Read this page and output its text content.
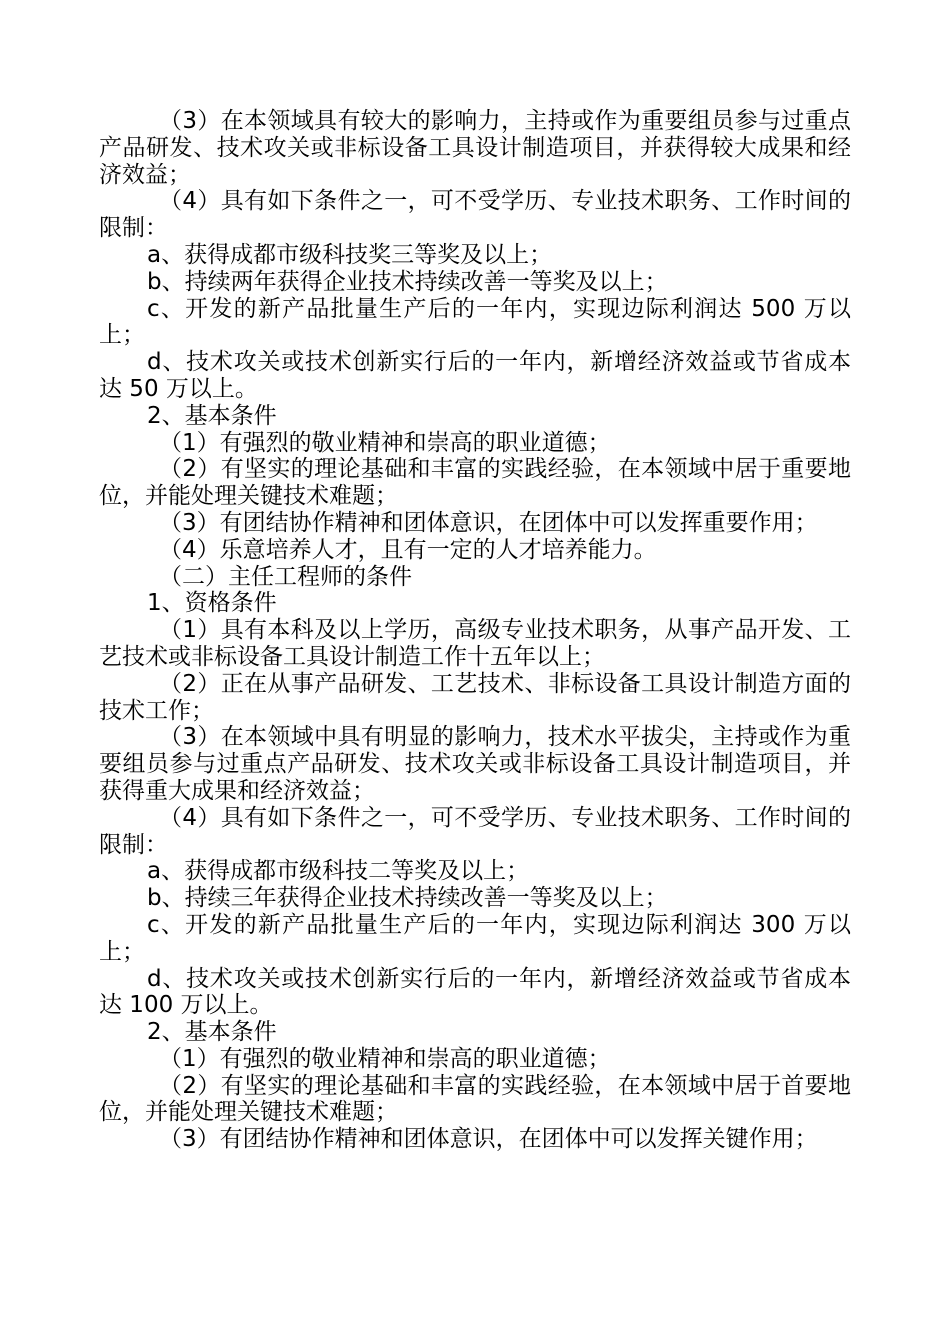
（3）在本领域具有较大的影响力，主持或作为重要组员参与过重点产品研发、技术攻关或非标设备工具设计制造项目，并获得较大成果和经济效益；

（4）具有如下条件之一，可不受学历、专业技术职务、工作时间的限制：

a、获得成都市级科技奖三等奖及以上；

b、持续两年获得企业技术持续改善一等奖及以上；

c、开发的新产品批量生产后的一年内，实现边际利润达 500 万以上；

d、技术攻关或技术创新实行后的一年内，新增经济效益或节省成本达 50 万以上。

2、基本条件

（1）有强烈的敬业精神和崇高的职业道德；

（2）有坚实的理论基础和丰富的实践经验，在本领域中居于重要地位，并能处理关键技术难题；

（3）有团结协作精神和团体意识，在团体中可以发挥重要作用；

（4）乐意培养人才，且有一定的人才培养能力。

（二）主任工程师的条件

1、资格条件

（1）具有本科及以上学历，高级专业技术职务，从事产品开发、工艺技术或非标设备工具设计制造工作十五年以上；

（2）正在从事产品研发、工艺技术、非标设备工具设计制造方面的技术工作；

（3）在本领域中具有明显的影响力，技术水平拔尖，主持或作为重要组员参与过重点产品研发、技术攻关或非标设备工具设计制造项目，并获得重大成果和经济效益；

（4）具有如下条件之一，可不受学历、专业技术职务、工作时间的限制：

a、获得成都市级科技二等奖及以上；

b、持续三年获得企业技术持续改善一等奖及以上；

c、开发的新产品批量生产后的一年内，实现边际利润达 300 万以上；

d、技术攻关或技术创新实行后的一年内，新增经济效益或节省成本达 100 万以上。

2、基本条件

（1）有强烈的敬业精神和崇高的职业道德；

（2）有坚实的理论基础和丰富的实践经验，在本领域中居于首要地位，并能处理关键技术难题；

（3）有团结协作精神和团体意识，在团体中可以发挥关键作用；
